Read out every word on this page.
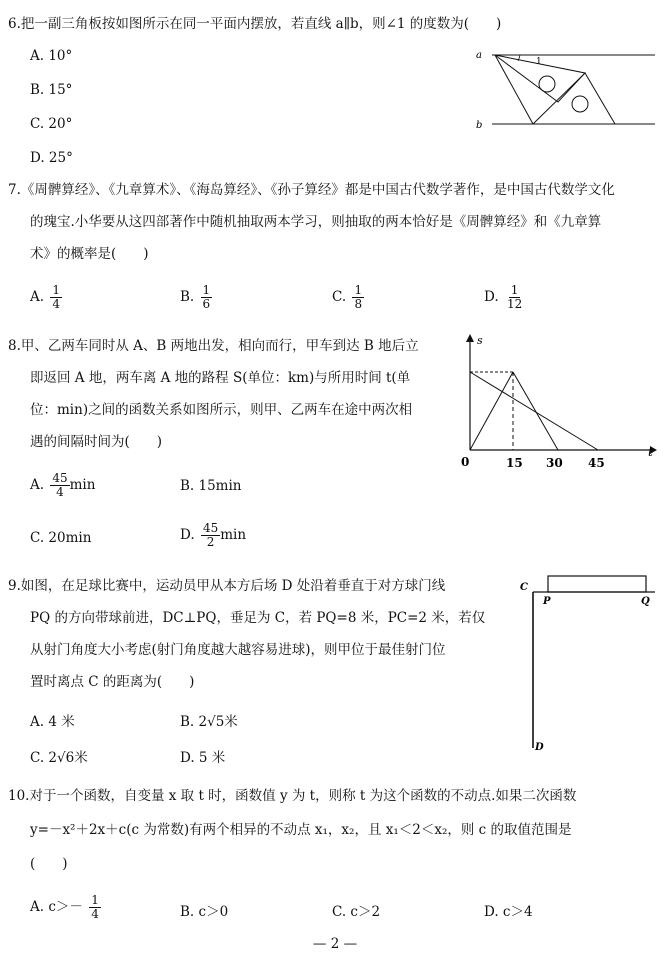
6.把一副三角板按如图所示在同一平面内摆放，若直线 a∥b，则∠1 的度数为(　　)
A. 10°
B. 15°
C. 20°
D. 25°
a
b
1
7.《周髀算经》、《九章算术》、《海岛算经》、《孙子算经》都是中国古代数学著作，是中国古代数学文化
的瑰宝.小华要从这四部著作中随机抽取两本学习，则抽取的两本恰好是《周髀算经》和《九章算
术》的概率是(　　)
A. $\frac{1}{4}$	B. $\frac{1}{6}$	C. $\frac{1}{8}$	D. $\frac{1}{12}$
8.甲、乙两车同时从 A、B 两地出发，相向而行，甲车到达 B 地后立
即返回 A 地，两车离 A 地的路程 S(单位：km)与所用时间 t(单
位：min)之间的函数关系如图所示，则甲、乙两车在途中两次相
遇的间隔时间为(　　)
A. $\frac{45}{4}$ min	B. 15min
C. 20min	D. $\frac{45}{2}$ min
s
t
0	15 30 45
9.如图，在足球比赛中，运动员甲从本方后场 D 处沿着垂直于对方球门线
PQ 的方向带球前进，DC⊥PQ，垂足为 C，若 PQ=8 米，PC=2 米，若仅
从射门角度大小考虑(射门角度越大越容易进球)，则甲位于最佳射门位
置时离点 C 的距离为(　　)
A. 4 米	B. 2√5米
C. 2√6米	D. 5 米
C
P	Q
D
10.对于一个函数，自变量 x 取 t 时，函数值 y 为 t，则称 t 为这个函数的不动点.如果二次函数
y=－x²＋2x＋c(c 为常数)有两个相异的不动点 x₁，x₂，且 x₁＜2＜x₂，则 c 的取值范围是
(　　)
A. $c>- \frac{1}{4}$	B. c＞0	C. c＞2	D. c＞4
— 2 —
